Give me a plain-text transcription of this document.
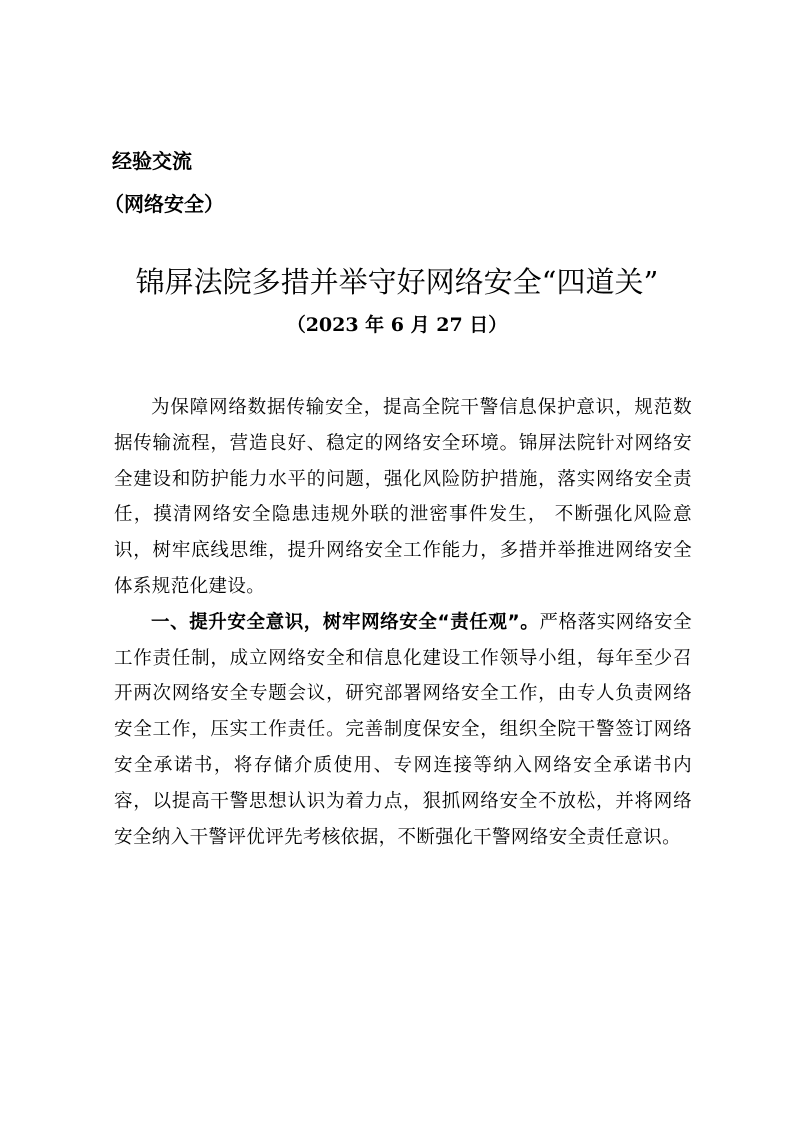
经验交流
（网络安全）
锦屏法院多措并举守好网络安全“四道关”
（2023 年 6 月 27 日）

为保障网络数据传输安全，提高全院干警信息保护意识，规范数据传输流程，营造良好、稳定的网络安全环境。锦屏法院针对网络安全建设和防护能力水平的问题，强化风险防护措施，落实网络安全责任，摸清网络安全隐患违规外联的泄密事件发生， 不断强化风险意识，树牢底线思维，提升网络安全工作能力，多措并举推进网络安全体系规范化建设。

一、提升安全意识，树牢网络安全“责任观”。严格落实网络安全工作责任制，成立网络安全和信息化建设工作领导小组，每年至少召开两次网络安全专题会议，研究部署网络安全工作，由专人负责网络安全工作，压实工作责任。完善制度保安全，组织全院干警签订网络安全承诺书，将存储介质使用、专网连接等纳入网络安全承诺书内容，以提高干警思想认识为着力点，狠抓网络安全不放松，并将网络安全纳入干警评优评先考核依据，不断强化干警网络安全责任意识。
